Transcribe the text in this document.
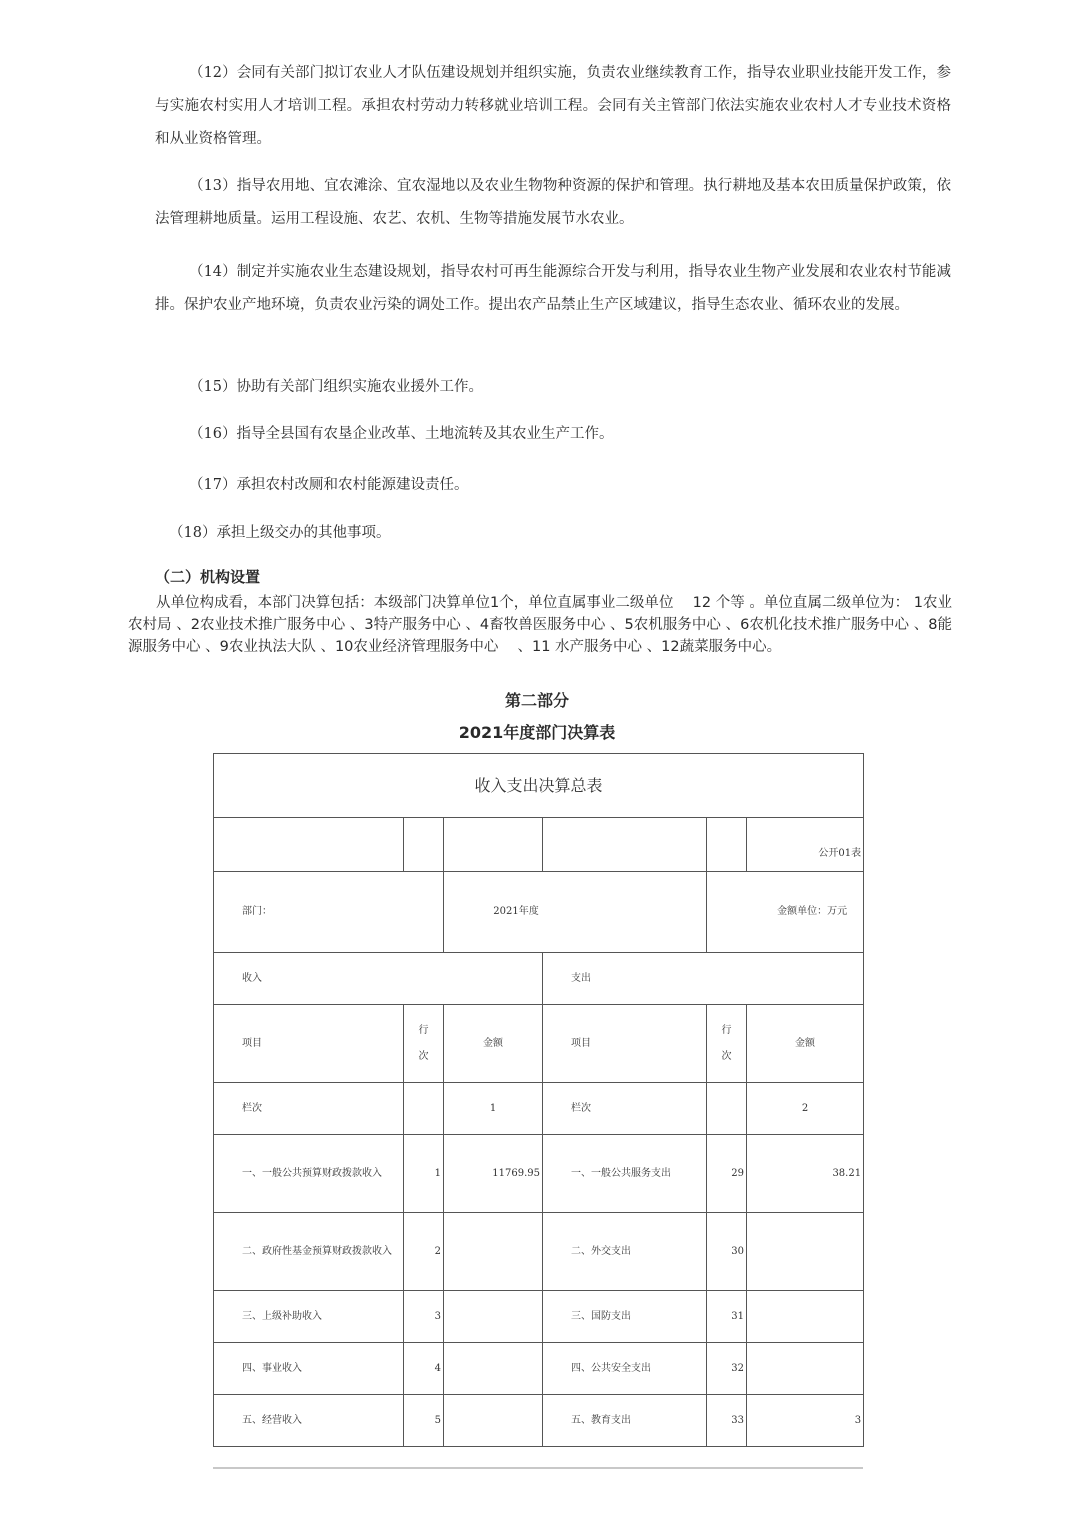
（12）会同有关部门拟订农业人才队伍建设规划并组织实施，负责农业继续教育工作，指导农业职业技能开发工作，参与实施农村实用人才培训工程。承担农村劳动力转移就业培训工程。会同有关主管部门依法实施农业农村人才专业技术资格和从业资格管理。

（13）指导农用地、宜农滩涂、宜农湿地以及农业生物物种资源的保护和管理。执行耕地及基本农田质量保护政策，依法管理耕地质量。运用工程设施、农艺、农机、生物等措施发展节水农业。

（14）制定并实施农业生态建设规划，指导农村可再生能源综合开发与利用，指导农业生物产业发展和农业农村节能减排。保护农业产地环境，负责农业污染的调处工作。提出农产品禁止生产区域建议，指导生态农业、循环农业的发展。

（15）协助有关部门组织实施农业援外工作。

（16）指导全县国有农垦企业改革、土地流转及其农业生产工作。

（17）承担农村改厕和农村能源建设责任。

（18）承担上级交办的其他事项。

（二）机构设置

从单位构成看，本部门决算包括：本级部门决算单位1个，单位直属事业二级单位　 12 个等 。单位直属二级单位为： 1农业农村局 、2农业技术推广服务中心 、3特产服务中心 、4畜牧兽医服务中心 、5农机服务中心 、6农机化技术推广服务中心 、8能源服务中心 、9农业执法大队 、10农业经济管理服务中心 　、11 水产服务中心 、12蔬菜服务中心。

第二部分

2021年度部门决算表

收入支出决算总表					
					公开01表
部门：		2021年度		金额单位：万元	

收入			支出		
项目	行次	金额	项目	行次	金额
栏次		1	栏次		2

一、一般公共预算财政拨款收入	1	11769.95	一、一般公共服务支出	29	38.21

二、政府性基金预算财政拨款收入	2		二、外交支出	30	
三、上级补助收入	3		三、国防支出	31	
四、事业收入	4		四、公共安全支出	32	
五、经营收入	5		五、教育支出	33	3
